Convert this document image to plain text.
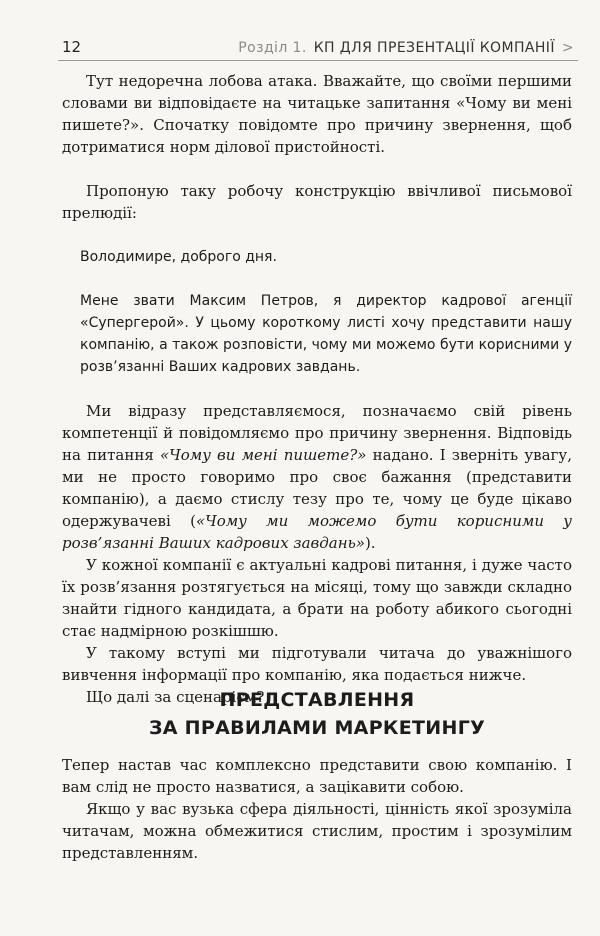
12	Розділ 1. КП ДЛЯ ПРЕЗЕНТАЦІЇ КОМПАНІЇ >

Тут недоречна лобова атака. Вважайте, що своїми першими словами ви відповідаєте на читацьке запитання «Чому ви мені пишете?». Спочатку повідомте про причину звернення, щоб дотриматися норм ділової пристойності.

Пропоную таку робочу конструкцію ввічливої письмової прелюдії:

Володимире, доброго дня.

Мене звати Максим Петров, я директор кадрової агенції «Супергерой». У цьому короткому листі хочу представити нашу компанію, а також розповісти, чому ми можемо бути корисними у розв’язанні Ваших кадрових завдань.

Ми відразу представляємося, позначаємо свій рівень компетенції й повідомляємо про причину звернення. Відповідь на питання «Чому ви мені пишете?» надано. І зверніть увагу, ми не просто говоримо про своє бажання (представити компанію), а даємо стислу тезу про те, чому це буде цікаво одержувачеві («Чому ми можемо бути корисними у розв’язанні Ваших кадрових завдань»).

У кожної компанії є актуальні кадрові питання, і дуже часто їх розв’язання розтягується на місяці, тому що завжди складно знайти гідного кандидата, а брати на роботу абикого сьогодні стає надмірною розкішшю.

У такому вступі ми підготували читача до уважнішого вивчення інформації про компанію, яка подається нижче.

Що далі за сценарієм?

ПРЕДСТАВЛЕННЯ
ЗА ПРАВИЛАМИ МАРКЕТИНГУ

Тепер настав час комплексно представити свою компанію. І вам слід не просто назватися, а зацікавити собою.

Якщо у вас вузька сфера діяльності, цінність якої зрозуміла читачам, можна обмежитися стислим, простим і зрозумілим представленням.
